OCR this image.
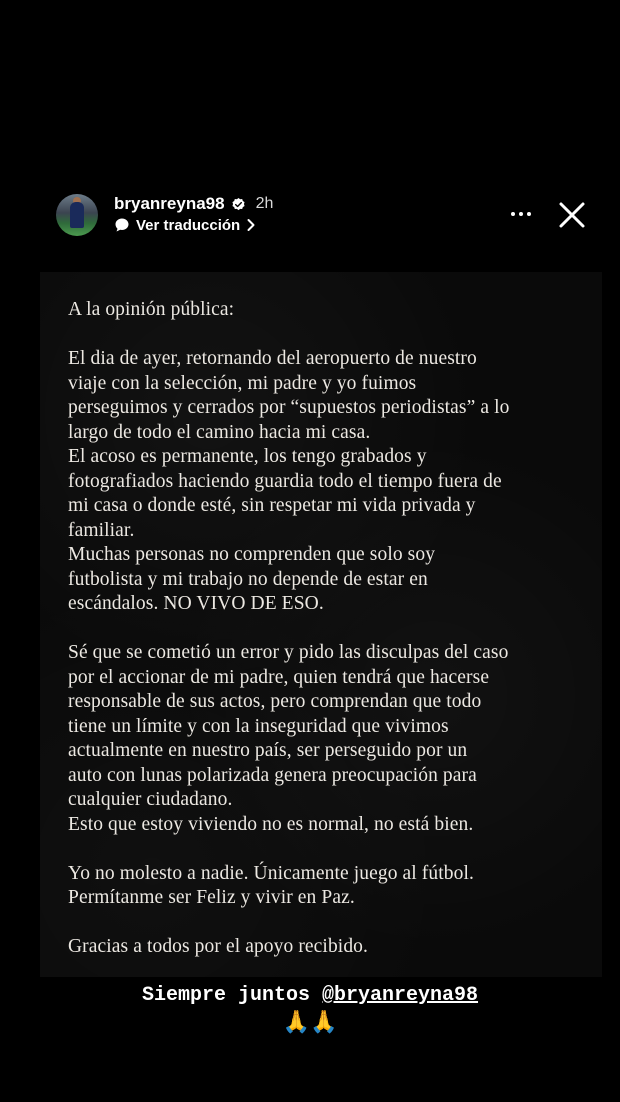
bryanreyna98 2h
Ver traducción

A la opinión pública:

El dia de ayer, retornando del aeropuerto de nuestro
viaje con la selección, mi padre y yo fuimos
perseguimos y cerrados por “supuestos periodistas” a lo
largo de todo el camino hacia mi casa.
El acoso es permanente, los tengo grabados y
fotografiados haciendo guardia todo el tiempo fuera de
mi casa o donde esté, sin respetar mi vida privada y
familiar.
Muchas personas no comprenden que solo soy
futbolista y mi trabajo no depende de estar en
escándalos. NO VIVO DE ESO.

Sé que se cometió un error y pido las disculpas del caso
por el accionar de mi padre, quien tendrá que hacerse
responsable de sus actos, pero comprendan que todo
tiene un límite y con la inseguridad que vivimos
actualmente en nuestro país, ser perseguido por un
auto con lunas polarizada genera preocupación para
cualquier ciudadano.
Esto que estoy viviendo no es normal, no está bien.

Yo no molesto a nadie. Únicamente juego al fútbol.
Permítanme ser Feliz y vivir en Paz.

Gracias a todos por el apoyo recibido.

Siempre juntos @bryanreyna98
🙏🙏
